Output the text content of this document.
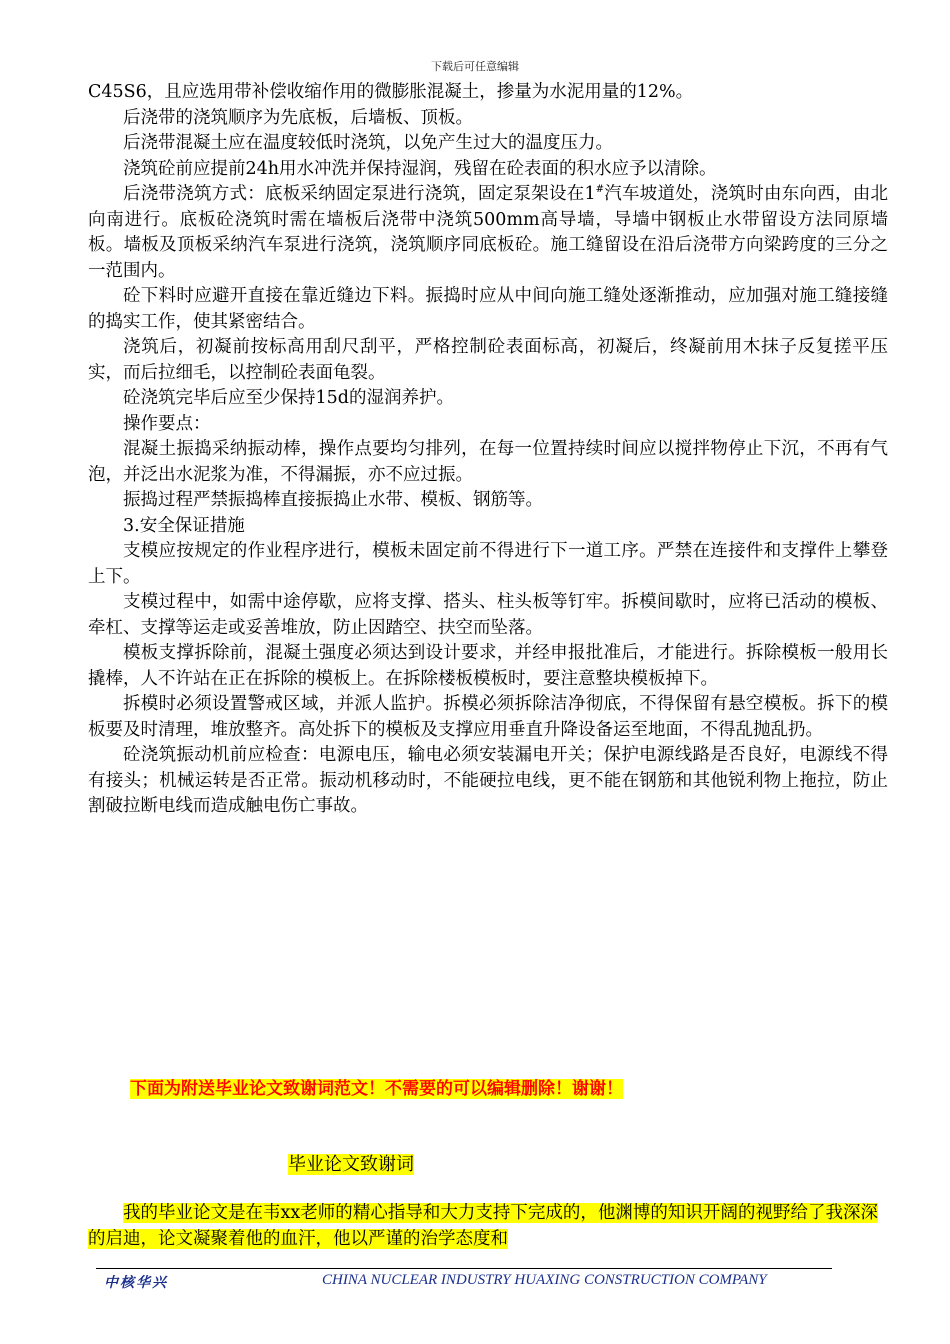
下载后可任意编辑

C45S6，且应选用带补偿收缩作用的微膨胀混凝土，掺量为水泥用量的12%。

后浇带的浇筑顺序为先底板，后墙板、顶板。

后浇带混凝土应在温度较低时浇筑，以免产生过大的温度压力。

浇筑砼前应提前24h用水冲洗并保持湿润，残留在砼表面的积水应予以清除。

后浇带浇筑方式：底板采纳固定泵进行浇筑，固定泵架设在1#汽车坡道处，浇筑时由东向西，由北向南进行。底板砼浇筑时需在墙板后浇带中浇筑500mm高导墙，导墙中钢板止水带留设方法同原墙板。墙板及顶板采纳汽车泵进行浇筑，浇筑顺序同底板砼。施工缝留设在沿后浇带方向梁跨度的三分之一范围内。

砼下料时应避开直接在靠近缝边下料。振捣时应从中间向施工缝处逐渐推动，应加强对施工缝接缝的捣实工作，使其紧密结合。

浇筑后，初凝前按标高用刮尺刮平，严格控制砼表面标高，初凝后，终凝前用木抹子反复搓平压实，而后拉细毛，以控制砼表面龟裂。

砼浇筑完毕后应至少保持15d的湿润养护。

操作要点：

混凝土振捣采纳振动棒，操作点要均匀排列，在每一位置持续时间应以搅拌物停止下沉，不再有气泡，并泛出水泥浆为准，不得漏振，亦不应过振。

振捣过程严禁振捣棒直接振捣止水带、模板、钢筋等。

3.安全保证措施

支模应按规定的作业程序进行，模板未固定前不得进行下一道工序。严禁在连接件和支撑件上攀登上下。

支模过程中，如需中途停歇，应将支撑、搭头、柱头板等钉牢。拆模间歇时，应将已活动的模板、牵杠、支撑等运走或妥善堆放，防止因踏空、扶空而坠落。

模板支撑拆除前，混凝土强度必须达到设计要求，并经申报批准后，才能进行。拆除模板一般用长撬棒，人不许站在正在拆除的模板上。在拆除楼板模板时，要注意整块模板掉下。

拆模时必须设置警戒区域，并派人监护。拆模必须拆除洁净彻底，不得保留有悬空模板。拆下的模板要及时清理，堆放整齐。高处拆下的模板及支撑应用垂直升降设备运至地面，不得乱抛乱扔。

砼浇筑振动机前应检查：电源电压，输电必须安装漏电开关；保护电源线路是否良好，电源线不得有接头；机械运转是否正常。振动机移动时，不能硬拉电线，更不能在钢筋和其他锐利物上拖拉，防止割破拉断电线而造成触电伤亡事故。

下面为附送毕业论文致谢词范文！不需要的可以编辑删除！谢谢！
毕业论文致谢词

我的毕业论文是在韦xx老师的精心指导和大力支持下完成的，他渊博的知识开阔的视野给了我深深的启迪，论文凝聚着他的血汗，他以严谨的治学态度和

中核华兴	CHINA NUCLEAR INDUSTRY HUAXING CONSTRUCTION COMPANY
